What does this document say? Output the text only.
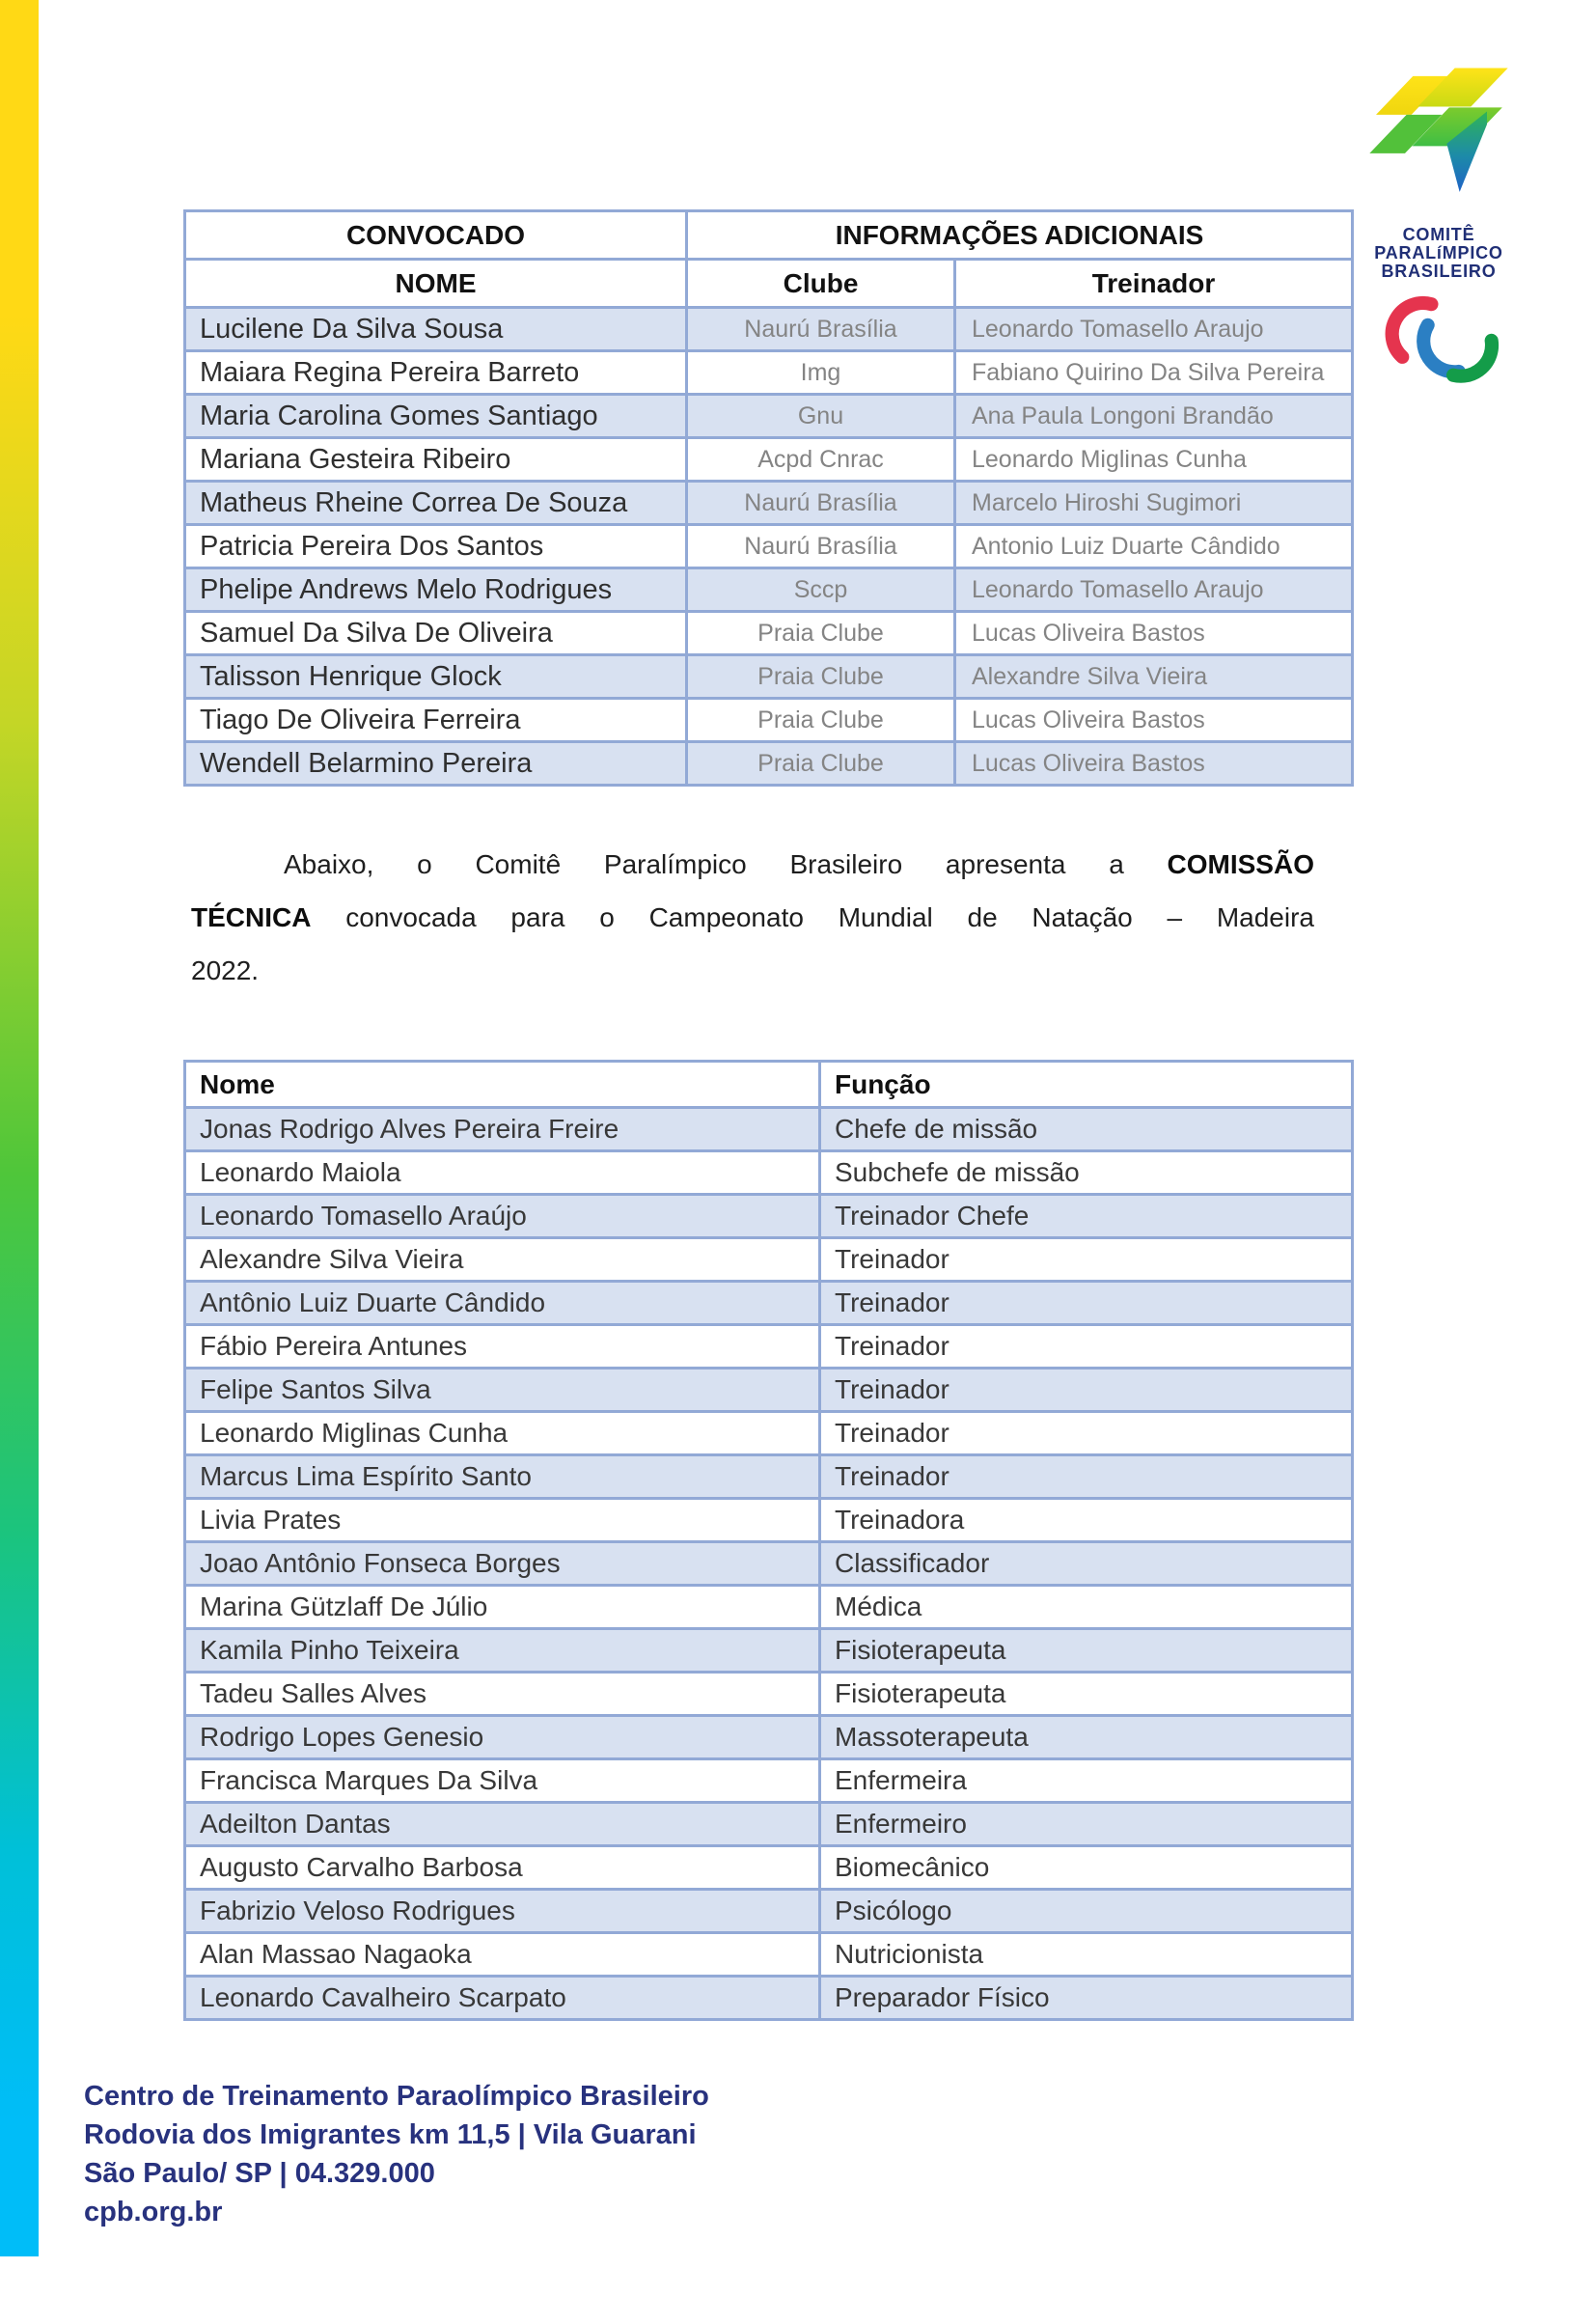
COMITÊ
PARALíMPICO
BRASILEIRO
CONVOCADO	INFORMAÇÕES ADICIONAIS	
NOME	Clube	Treinador
Lucilene Da Silva Sousa	Naurú Brasília	Leonardo Tomasello Araujo
Maiara Regina Pereira Barreto	Img	Fabiano Quirino Da Silva Pereira
Maria Carolina Gomes Santiago	Gnu	Ana Paula Longoni Brandão
Mariana Gesteira Ribeiro	Acpd Cnrac	Leonardo Miglinas Cunha
Matheus Rheine Correa De Souza	Naurú Brasília	Marcelo Hiroshi Sugimori
Patricia Pereira Dos Santos	Naurú Brasília	Antonio Luiz Duarte Cândido
Phelipe Andrews Melo Rodrigues	Sccp	Leonardo Tomasello Araujo
Samuel Da Silva De Oliveira	Praia Clube	Lucas Oliveira Bastos
Talisson Henrique Glock	Praia Clube	Alexandre Silva Vieira
Tiago De Oliveira Ferreira	Praia Clube	Lucas Oliveira Bastos
Wendell Belarmino Pereira	Praia Clube	Lucas Oliveira Bastos
Abaixo, o Comitê Paralímpico Brasileiro apresenta a COMISSÃO
TÉCNICA convocada para o Campeonato Mundial de Natação – Madeira
2022.
Nome	Função
Jonas Rodrigo Alves Pereira Freire	Chefe de missão
Leonardo Maiola	Subchefe de missão
Leonardo Tomasello Araújo	Treinador Chefe
Alexandre Silva Vieira	Treinador
Antônio Luiz Duarte Cândido	Treinador
Fábio Pereira Antunes	Treinador
Felipe Santos Silva	Treinador
Leonardo Miglinas Cunha	Treinador
Marcus Lima Espírito Santo	Treinador
Livia Prates	Treinadora
Joao Antônio Fonseca Borges	Classificador
Marina Gützlaff De Júlio	Médica
Kamila Pinho Teixeira	Fisioterapeuta
Tadeu Salles Alves	Fisioterapeuta
Rodrigo Lopes Genesio	Massoterapeuta
Francisca Marques Da Silva	Enfermeira
Adeilton Dantas	Enfermeiro
Augusto Carvalho Barbosa	Biomecânico
Fabrizio Veloso Rodrigues	Psicólogo
Alan Massao Nagaoka	Nutricionista
Leonardo Cavalheiro Scarpato	Preparador Físico
Centro de Treinamento Paraolímpico Brasileiro
Rodovia dos Imigrantes km 11,5 | Vila Guarani
São Paulo/ SP | 04.329.000
cpb.org.br
